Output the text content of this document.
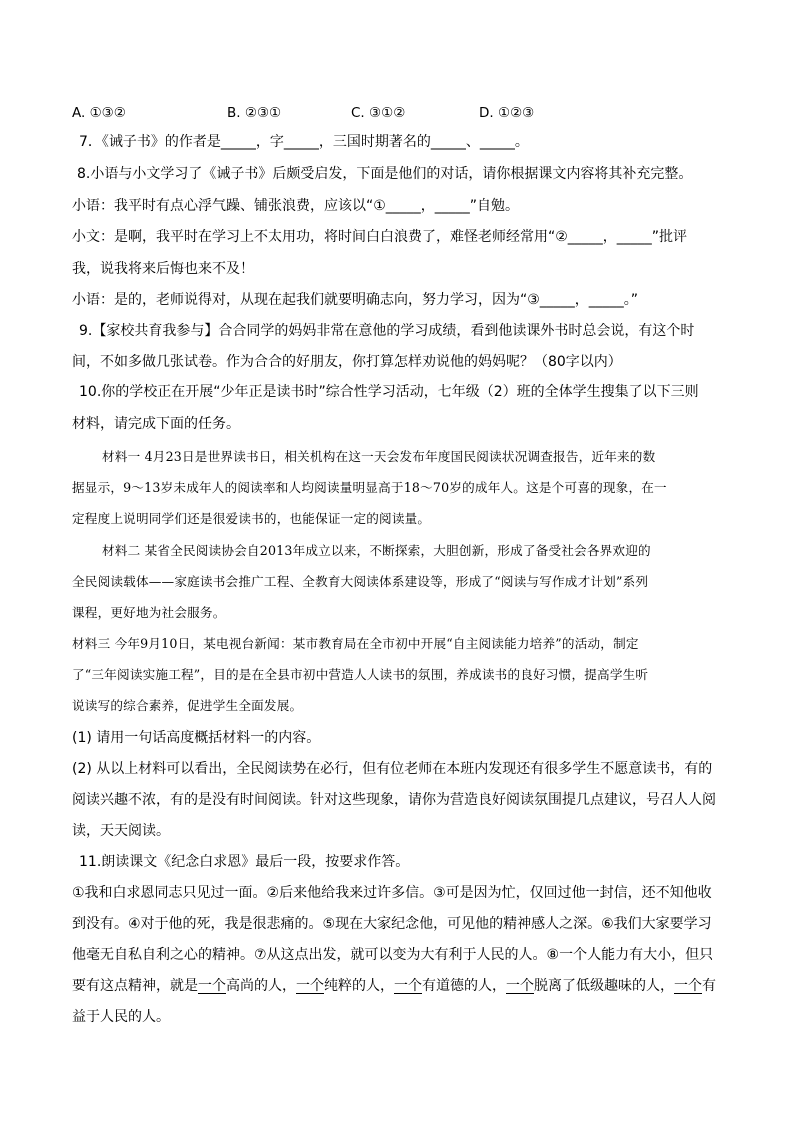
A. ①③②	B. ②③①	C. ③①②	D. ①②③
7．《诫子书》的作者是_____，字_____，三国时期著名的_____、_____。
8.小语与小文学习了《诫子书》后颇受启发，下面是他们的对话，请你根据课文内容将其补充完整。
小语：我平时有点心浮气躁、铺张浪费，应该以“①_____，_____”自勉。
小文：是啊，我平时在学习上不太用功，将时间白白浪费了，难怪老师经常用“②_____，_____”批评
我，说我将来后悔也来不及！
小语：是的，老师说得对，从现在起我们就要明确志向，努力学习，因为“③_____，_____。”
9.【家校共育我参与】合合同学的妈妈非常在意他的学习成绩，看到他读课外书时总会说，有这个时
间，不如多做几张试卷。作为合合的好朋友，你打算怎样劝说他的妈妈呢？（80字以内）
10.你的学校正在开展“少年正是读书时”综合性学习活动，七年级（2）班的全体学生搜集了以下三则
材料，请完成下面的任务。
材料一 4月23日是世界读书日，相关机构在这一天会发布年度国民阅读状况调查报告，近年来的数
据显示，9～13岁未成年人的阅读率和人均阅读量明显高于18～70岁的成年人。这是个可喜的现象，在一
定程度上说明同学们还是很爱读书的，也能保证一定的阅读量。
材料二 某省全民阅读协会自2013年成立以来，不断探索，大胆创新，形成了备受社会各界欢迎的
全民阅读载体——家庭读书会推广工程、全教育大阅读体系建设等，形成了“阅读与写作成才计划”系列
课程，更好地为社会服务。
材料三 今年9月10日，某电视台新闻：某市教育局在全市初中开展“自主阅读能力培养”的活动，制定
了“三年阅读实施工程”，目的是在全县市初中营造人人读书的氛围，养成读书的良好习惯，提高学生听
说读写的综合素养，促进学生全面发展。
(1) 请用一句话高度概括材料一的内容。
(2) 从以上材料可以看出，全民阅读势在必行，但有位老师在本班内发现还有很多学生不愿意读书，有的
阅读兴趣不浓，有的是没有时间阅读。针对这些现象，请你为营造良好阅读氛围提几点建议，号召人人阅
读，天天阅读。
11.朗读课文《纪念白求恩》最后一段，按要求作答。
①我和白求恩同志只见过一面。②后来他给我来过许多信。③可是因为忙，仅回过他一封信，还不知他收
到没有。④对于他的死，我是很悲痛的。⑤现在大家纪念他，可见他的精神感人之深。⑥我们大家要学习
他毫无自私自利之心的精神。⑦从这点出发，就可以变为大有利于人民的人。⑧一个人能力有大小，但只
要有这点精神，就是一个高尚的人，一个纯粹的人，一个有道德的人，一个脱离了低级趣味的人，一个有
益于人民的人。
